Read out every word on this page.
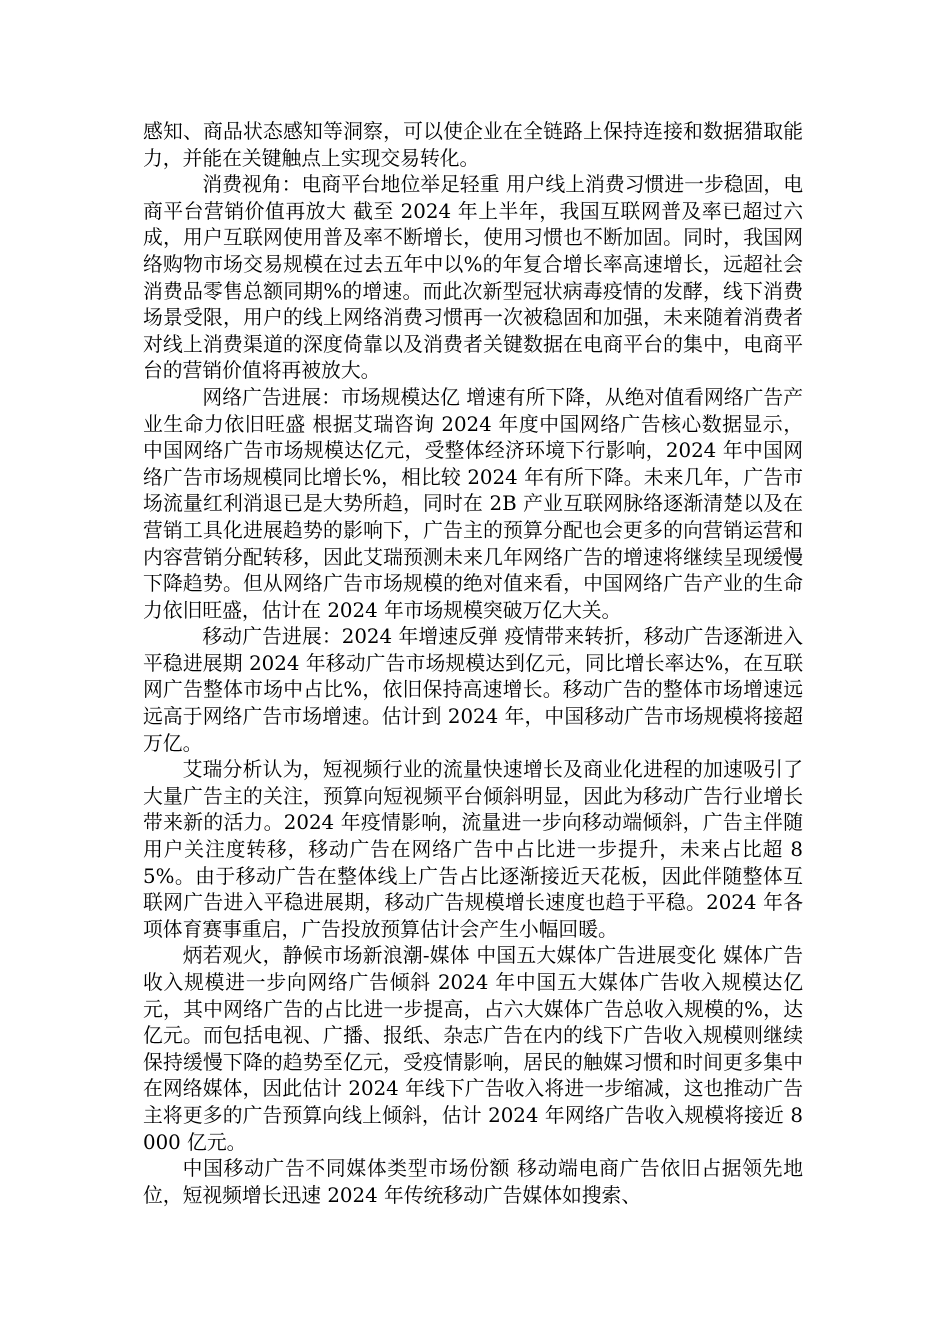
感知、商品状态感知等洞察，可以使企业在全链路上保持连接和数据猎取能力，并能在关键触点上实现交易转化。

消费视角：电商平台地位举足轻重 用户线上消费习惯进一步稳固，电商平台营销价值再放大 截至 2024 年上半年，我国互联网普及率已超过六成，用户互联网使用普及率不断增长，使用习惯也不断加固。同时，我国网络购物市场交易规模在过去五年中以%的年复合增长率高速增长，远超社会消费品零售总额同期%的增速。而此次新型冠状病毒疫情的发酵，线下消费场景受限，用户的线上网络消费习惯再一次被稳固和加强，未来随着消费者对线上消费渠道的深度倚靠以及消费者关键数据在电商平台的集中，电商平台的营销价值将再被放大。

网络广告进展：市场规模达亿 增速有所下降，从绝对值看网络广告产业生命力依旧旺盛 根据艾瑞咨询 2024 年度中国网络广告核心数据显示，中国网络广告市场规模达亿元，受整体经济环境下行影响，2024 年中国网络广告市场规模同比增长%，相比较 2024 年有所下降。未来几年，广告市场流量红利消退已是大势所趋，同时在 2B 产业互联网脉络逐渐清楚以及在营销工具化进展趋势的影响下，广告主的预算分配也会更多的向营销运营和内容营销分配转移，因此艾瑞预测未来几年网络广告的增速将继续呈现缓慢下降趋势。但从网络广告市场规模的绝对值来看，中国网络广告产业的生命力依旧旺盛，估计在 2024 年市场规模突破万亿大关。

移动广告进展：2024 年增速反弹 疫情带来转折，移动广告逐渐进入平稳进展期 2024 年移动广告市场规模达到亿元，同比增长率达%，在互联网广告整体市场中占比%，依旧保持高速增长。移动广告的整体市场增速远远高于网络广告市场增速。估计到 2024 年，中国移动广告市场规模将接超万亿。

艾瑞分析认为，短视频行业的流量快速增长及商业化进程的加速吸引了大量广告主的关注，预算向短视频平台倾斜明显，因此为移动广告行业增长带来新的活力。2024 年疫情影响，流量进一步向移动端倾斜，广告主伴随用户关注度转移，移动广告在网络广告中占比进一步提升，未来占比超 85%。由于移动广告在整体线上广告占比逐渐接近天花板，因此伴随整体互联网广告进入平稳进展期，移动广告规模增长速度也趋于平稳。2024 年各项体育赛事重启，广告投放预算估计会产生小幅回暖。

炳若观火，静候市场新浪潮-媒体 中国五大媒体广告进展变化 媒体广告收入规模进一步向网络广告倾斜 2024 年中国五大媒体广告收入规模达亿元，其中网络广告的占比进一步提高，占六大媒体广告总收入规模的%，达亿元。而包括电视、广播、报纸、杂志广告在内的线下广告收入规模则继续保持缓慢下降的趋势至亿元，受疫情影响，居民的触媒习惯和时间更多集中在网络媒体，因此估计 2024 年线下广告收入将进一步缩减，这也推动广告主将更多的广告预算向线上倾斜，估计 2024 年网络广告收入规模将接近 8000 亿元。

中国移动广告不同媒体类型市场份额 移动端电商广告依旧占据领先地位，短视频增长迅速 2024 年传统移动广告媒体如搜索、
